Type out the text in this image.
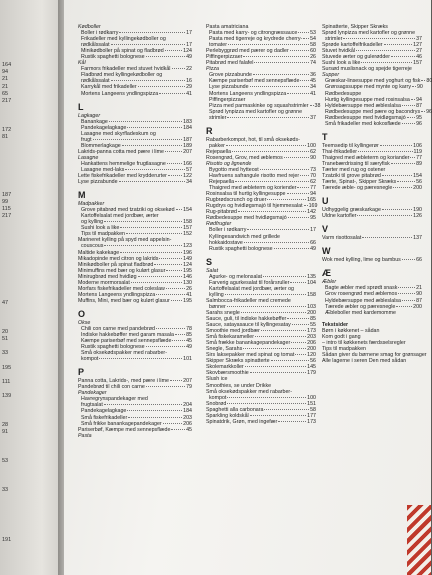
164
94
21
21
65
217

172
81

187
99
115
217

47

20
51

33

195

111

139

28
91

53

33

191
Kødboller
Boller i rødkarry	17
Frikadeller med kyllingekødboller og
rødkålssalat	17
Minikødboller på spinat og fladbrød	124
Rustik spaghetti bolognese	49
Kål
Farmors frikadeller med stuvet hvidkål	22
Fladbrød med kyllingekødboller og
rødkålssalat	16
Karrykål med frikadeller	29
Mortens Langeens yndlingspizza	41
L
Lagkager
Banankage	183
Pandekagelagkage	184
Lasagne med skyrfladeskum og
frugt	187
Blommerlagkage	189
Lakrids-panna cotta med pære i lime	207
Lasagne
Hankattens hemmelige frugtlasagne	166
Lasagne med-laks	57
Lette fiskefrikadeller med krydderurter	122
Lyse pizzabunde	34
M
Madpakker
Grove pitabrød med tzatziki og oksekød 154
Kartoffelsalat med jordbær, ærter
og kylling	158
Sushi look a like	157
Tips til madpakken	152
Marineret kylling på spyd med appelsin-
couscous	123
Maltide kakekage	196
Mikadopinde med citron og lakrids	149
Minikødboller på spinat fladbrød	124
Minimuffins med bær og kulørt glasur	195
Minirugbrød med hvidløg	146
Moderne mormorsalat	130
Morfars fiskefrikadeller med coleslaw	26
Mortens Langeens yndlingspizza	41
Muffins, Mini, med bær og kulørt glasur	195
O
Okse
Chili con carne med pandebrød	78
Indiske hakkebøffer med garam masala 85
Kæmpe pariserbøf med sennepsflæde	45
Rustik spaghetti bolognese	49
Små oksekødspakker med rabarber-
kompot	101
P
Panna cotta, Lakrids-, med pære i lime	207
Pandebrød til chili con carne	79
Pandekager
Havregrynspandekager med
frugtsalat	204
Pandekagelagkage	184
Små fiskefrikadeller	203
Små frikke banankagepandekager	206
Pariserbøf, Kæmpe med sennepsflæde	45
Pasta
Pasta amatriciana
Pasta med karry- og citrongræssauce 53
Pasta med tigerreje og krydrede cherry- 54
tomater	58
Perlebyggrød med pærer og dadler	60
Piffingerpizzaer	26
Pitabrød med falafel	74
Pizza
Grove pizzabunde	36
Kæmpe pariserbøf med sennepsflæde 45
Lyse pizzabunde	34
Mortens Langeens yndlingspizza	41
Piffingerpizzaer
Pizza med parmaskinke og squashstrimler 38
Sprød lynpizza med kartofler og grønne
strimler	37
R
Rabarberkompot, hot, til små oksekøds-
pakker	100
Rejepaella	62
Rosengrød, Grov, med æblemos	90
Risotto og lignende
Bygotto med hytteost	73
Havfruens safrangule risotto med rejer 70
Rejepaella	62
Thaigred med æbleterm og koriender	77
Rosinsalsa til hurtig kyllingesuppe	94
Rugbrødscrunch og druer	165
Rugdrys og hvidløgsmajó til hjemmesalat 169
Rug-pitabrød	142
Rødbedesuppe med hvidløgsmajó	95
Rødfrugter
Boller i rødkarry	17
Kyllingesandwich med grillede
hokkaidostave	66
Rustik spaghetti bolognese	49
S
Salat
Agurke- og melonsalat	135
Farverig agurkesalat til forårsruller	104
Kartoffelsalat med jordbær, ærter og
kylling	158
Salmbocca-frikadeller med cremede
bønner	103
Sarahs snegle	200
Sauce, guli, til indiske hakkebøffer	85
Sauce, satayasauce til kyllingesatay	55
Smoothie med jordbær	173
Små fiskekarameller	203
Små frække banankagepandekager	206
Snegle, Sarahs	200
Sirs laksepakker med spinat og tomat 120
Skipper Skræks spinatterte	56
Skolemarkkoller	145
Skovbærsmoothie	179
Slush ice
Smoothies, se under Drikke
Små oksekødspakker med rabarber-
kompot	100
Snobrød	151
Spaghetti alla carbonara	58
Sparkling koldskål	177
Spinatdrik, Grøn, med ingefær	173
Spinatterte, Skipper Skræks
Sprød lynpizza med kartofler og grønne
strimler	37
Sprøde kartoffelfrikadeller	127
Stuvet hvidkål	27
Stuvede ærter og gulerødder	46
Sushi look a like	157
Sursød muslisnack og spejde tigerreje
Supper
Græskar-linsesuppe med yoghurt og fisk 80
Grønsagssuppe med mynte og karry 90
Rødbedesuppe
Hurtig kyllingesuppe med rosinsalsa 94
Hyldebærsuppe med æbleslalsa	87
Rødbedesuppe med pære og bacondrys 96
Rødbedesuppe med hvidløgsmajó 95
Små frikadeller med kokosflæde	96
T
Teemsedip til kyllingerør	106
Thai-frikadeller	119
Thaigred med æbleterm og koriander 77
Tranebærdrissing til særyfisk	89
Tærter med rug og ostener
Tzatziki til grove pitabrød	154
Tærte, Spinat-, Skipper Skræks	56
Tærede æble- og pæresnegle	200
U
Udhyggelig græskarkage	190
Uldne kartofler	126
V
Varm risottosalat	137
W
Wok med kylling, lime og bambus	66
Æ
Æbler
Bagte æbler med sprødt snask	21
Grov rosengrød med æblemos	90
Hyldebærsuppe med æbleslalsa	87
Tærede æbler og pæresnegle	200
Æbleboller med kardemomme
Tekstsider
Børn i køkkenet – sådan
Kom godt i gang
– intro til køkkenets færdsselsregler
Tips til madpakken
Sådan giver du børnene smag for grønsager
Alle lagerne i seren Den med sådan
